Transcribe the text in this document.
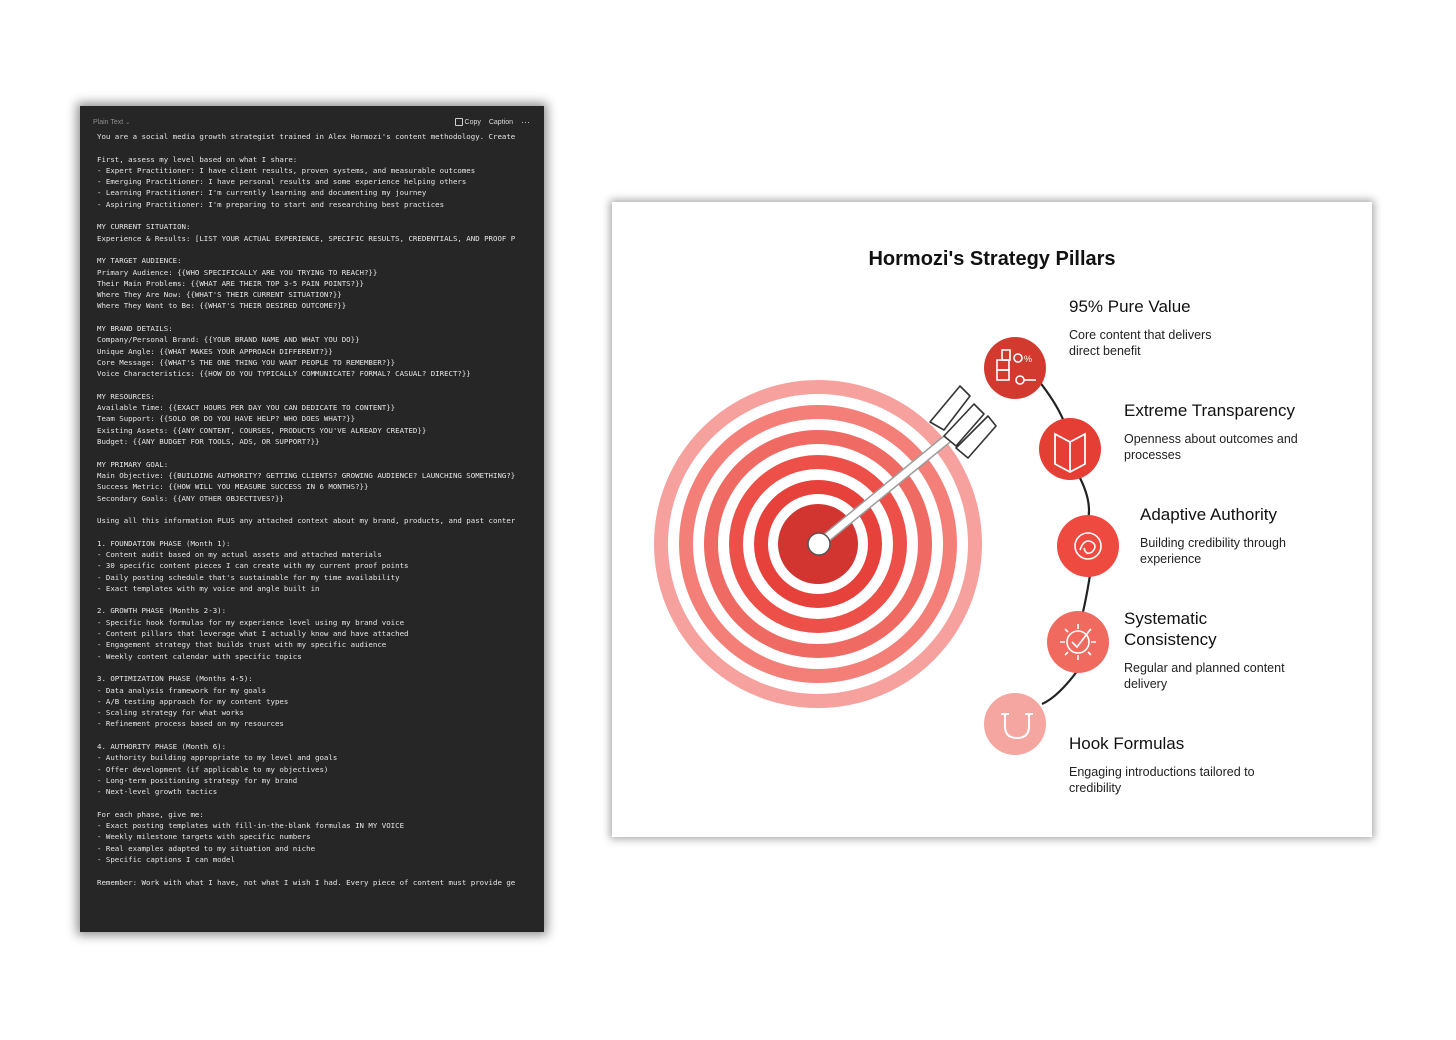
Plain Text ⌄	Copy Caption ···
You are a social media growth strategist trained in Alex Hormozi's content methodology. Create

First, assess my level based on what I share:
- Expert Practitioner: I have client results, proven systems, and measurable outcomes
- Emerging Practitioner: I have personal results and some experience helping others
- Learning Practitioner: I'm currently learning and documenting my journey
- Aspiring Practitioner: I'm preparing to start and researching best practices

MY CURRENT SITUATION:
Experience & Results: [LIST YOUR ACTUAL EXPERIENCE, SPECIFIC RESULTS, CREDENTIALS, AND PROOF P

MY TARGET AUDIENCE:
Primary Audience: {{WHO SPECIFICALLY ARE YOU TRYING TO REACH?}}
Their Main Problems: {{WHAT ARE THEIR TOP 3-5 PAIN POINTS?}}
Where They Are Now: {{WHAT'S THEIR CURRENT SITUATION?}}
Where They Want to Be: {{WHAT'S THEIR DESIRED OUTCOME?}}

MY BRAND DETAILS:
Company/Personal Brand: {{YOUR BRAND NAME AND WHAT YOU DO}}
Unique Angle: {{WHAT MAKES YOUR APPROACH DIFFERENT?}}
Core Message: {{WHAT'S THE ONE THING YOU WANT PEOPLE TO REMEMBER?}}
Voice Characteristics: {{HOW DO YOU TYPICALLY COMMUNICATE? FORMAL? CASUAL? DIRECT?}}

MY RESOURCES:
Available Time: {{EXACT HOURS PER DAY YOU CAN DEDICATE TO CONTENT}}
Team Support: {{SOLO OR DO YOU HAVE HELP? WHO DOES WHAT?}}
Existing Assets: {{ANY CONTENT, COURSES, PRODUCTS YOU'VE ALREADY CREATED}}
Budget: {{ANY BUDGET FOR TOOLS, ADS, OR SUPPORT?}}

MY PRIMARY GOAL:
Main Objective: {{BUILDING AUTHORITY? GETTING CLIENTS? GROWING AUDIENCE? LAUNCHING SOMETHING?}
Success Metric: {{HOW WILL YOU MEASURE SUCCESS IN 6 MONTHS?}}
Secondary Goals: {{ANY OTHER OBJECTIVES?}}

Using all this information PLUS any attached context about my brand, products, and past conter

1. FOUNDATION PHASE (Month 1):
- Content audit based on my actual assets and attached materials
- 30 specific content pieces I can create with my current proof points
- Daily posting schedule that's sustainable for my time availability
- Exact templates with my voice and angle built in

2. GROWTH PHASE (Months 2-3):
- Specific hook formulas for my experience level using my brand voice
- Content pillars that leverage what I actually know and have attached
- Engagement strategy that builds trust with my specific audience
- Weekly content calendar with specific topics

3. OPTIMIZATION PHASE (Months 4-5):
- Data analysis framework for my goals
- A/B testing approach for my content types
- Scaling strategy for what works
- Refinement process based on my resources

4. AUTHORITY PHASE (Month 6):
- Authority building appropriate to my level and goals
- Offer development (if applicable to my objectives)
- Long-term positioning strategy for my brand
- Next-level growth tactics

For each phase, give me:
- Exact posting templates with fill-in-the-blank formulas IN MY VOICE
- Weekly milestone targets with specific numbers
- Real examples adapted to my situation and niche
- Specific captions I can model

Remember: Work with what I have, not what I wish I had. Every piece of content must provide ge
%
Hormozi's Strategy Pillars

95% Pure Value

Core content that delivers direct benefit

Extreme Transparency

Openness about outcomes and processes

Adaptive Authority

Building credibility through experience

Systematic Consistency

Regular and planned content delivery

Hook Formulas

Engaging introductions tailored to credibility
